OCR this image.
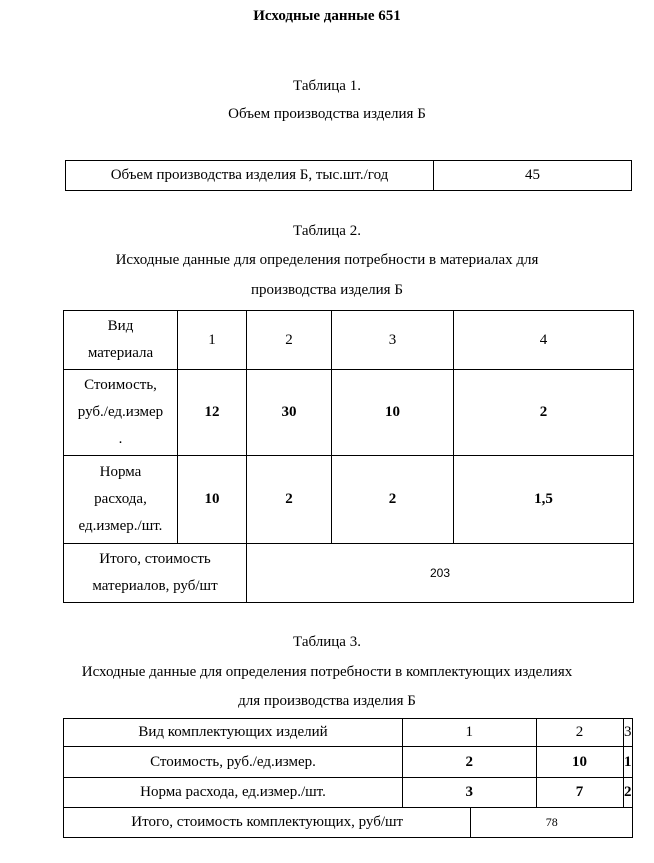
Исходные данные 651
Таблица 1.
Объем производства изделия Б
Объем производства изделия Б, тыс.шт./год	45
Таблица 2.
Исходные данные для определения потребности в материалах для
производства изделия Б
Вид
материала	1	2	3	4

Стоимость,
руб./ед.измер
.	12	30	10	2

Норма
расхода,
ед.измер./шт.	10	2	2	1,5

Итого, стоимость
материалов, руб/шт		203		
Таблица 3.
Исходные данные для определения потребности в комплектующих изделиях
для производства изделия Б
Вид комплектующих изделий	1		2	3
Стоимость, руб./ед.измер.	2		10	1
Норма расхода, ед.измер./шт.	3		7	2
Итого, стоимость комплектующих, руб/шт		78		
